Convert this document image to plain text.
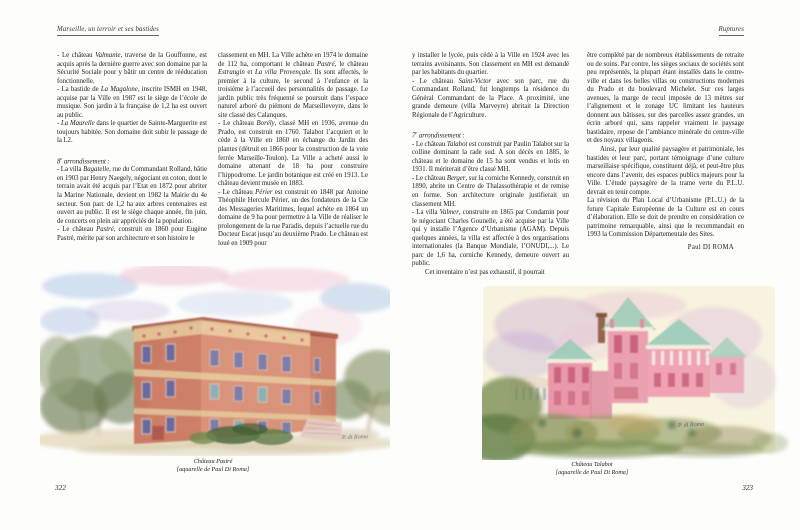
Marseille, un terroir et ses bastides

- Le château Valmante, traverse de la Gouffonne, est acquis après la dernière guerre avec son domaine par la Sécurité Sociale pour y bâtir un centre de rééducation fonctionnelle.

- La bastide de La Magalone, inscrite ISMH en 1948, acquise par la Ville en 1987 est le siège de l’école de musique. Son jardin à la française de 1,2 ha est ouvert au public.

- La Maurelle dans le quartier de Sainte-Marguerite est toujours habitée. Son domaine doit subir le passage de la L2.

8e arrondissement :

- La villa Bagatelle, rue du Commandant Rolland, bâtie en 1903 par Henry Naegely, négociant en coton, dont le terrain avait été acquis par l’Etat en 1872 pour abriter la Marine Nationale, devient en 1982 la Mairie du 4e secteur. Son parc de 1,2 ha aux arbres centenaires est ouvert au public. Il est le siège chaque année, fin juin, de concerts en plein air appréciés de la population.

- Le château Pastré, construit en 1860 pour Eugène Pastré, mérite par son architecture et son histoire le

classement en MH. La Ville achète en 1974 le domaine de 112 ha, comportant le château Pastré, le château Estrangin et La villa Provençale. Ils sont affectés, le premier à la culture, le second à l’enfance et la troisième à l’accueil des personnalités de passage. Le jardin public très fréquenté se poursuit dans l’espace naturel arboré du piémont de Marseilleveyre, dans le site classé des Calanques.

- Le château Borély, classé MH en 1936, avenue du Prado, est construit en 1760. Talabot l’acquiert et le cède à la Ville en 1860 en échange du Jardin des plantes (détruit en 1866 pour la construction de la voie ferrée Marseille-Toulon). La Ville a acheté aussi le domaine attenant de 18 ha pour construire l’hippodrome. Le jardin botanique est créé en 1913. Le château devient musée en 1883.

- Le château Périer est construit en 1848 par Antoine Théophile Hercule Périer, un des fondateurs de la Cie des Messageries Maritimes, lequel achète en 1864 un domaine de 9 ha pour permettre à la Ville de réaliser le prolongement de la rue Paradis, depuis l’actuelle rue du Docteur Escat jusqu’au deuxième Prado. Le château est loué en 1909 pour

P. di Roma
Château Pastré
[aquarelle de Paul Di Roma]
322
Ruptures

y installer le lycée, puis cédé à la Ville en 1924 avec les terrains avoisinants. Son classement en MH est demandé par les habitants du quartier.

- Le château Saint-Victor avec son parc, rue du Commandant Rolland, fut longtemps la résidence du Général Commandant de la Place. A proximité, une grande demeure (villa Marveyre) abritait la Direction Régionale de l’Agriculture.

7e arrondissement :

- Le château Talabot est construit par Paulin Talabot sur la colline dominant la rade sud. A son décès en 1885, le château et le domaine de 15 ha sont vendus et lotis en 1931. Il mériterait d’être classé MH.

- Le château Berger, sur la corniche Kennedy, construit en 1890, abrite un Centre de Thalassothérapie et de remise en forme. Son architecture originale justifierait un classement MH.

- La villa Valmer, construite en 1865 par Condamin pour le négociant Charles Gounelle, a été acquise par la Ville qui y installe l’Agence d’Urbanisme (AGAM). Depuis quelques années, la villa est affectée à des organisations internationales (la Banque Mondiale, l’ONUDI,...). Le parc de 1,6 ha, corniche Kennedy, demeure ouvert au public.

Cet inventaire n’est pas exhaustif, il pourrait

être complété par de nombreux établissements de retraite ou de soins. Par contre, les sièges sociaux de sociétés sont peu représentés, la plupart étant installés dans le centre-ville et dans les belles villas ou constructions modernes du Prado et du boulevard Michelet. Sur ces larges avenues, la marge de recul imposée de 13 mètres sur l’alignement et le zonage UC limitant les hauteurs donnent aux bâtisses, sur des parcelles assez grandes, un écrin arboré qui, sans rappeler vraiment le paysage bastidaire, repose de l’ambiance minérale du centre-ville et des noyaux villageois.

Ainsi, par leur qualité paysagère et patrimoniale, les bastides et leur parc, portant témoignage d’une culture marseillaise spécifique, constituent déjà, et peut-être plus encore dans l’avenir, des espaces publics majeurs pour la Ville. L’étude paysagère de la trame verte du P.L.U. devrait en tenir compte.

La révision du Plan Local d’Urbanisme (P.L.U.) de la future Capitale Européenne de la Culture est en cours d’élaboration. Elle se doit de prendre en considération ce patrimoine remarquable, ainsi que le recommandait en 1993 la Commission Départementale des Sites.

Paul DI ROMA

P. di Roma
Château Talabot
[aquarelle de Paul Di Roma]
323
